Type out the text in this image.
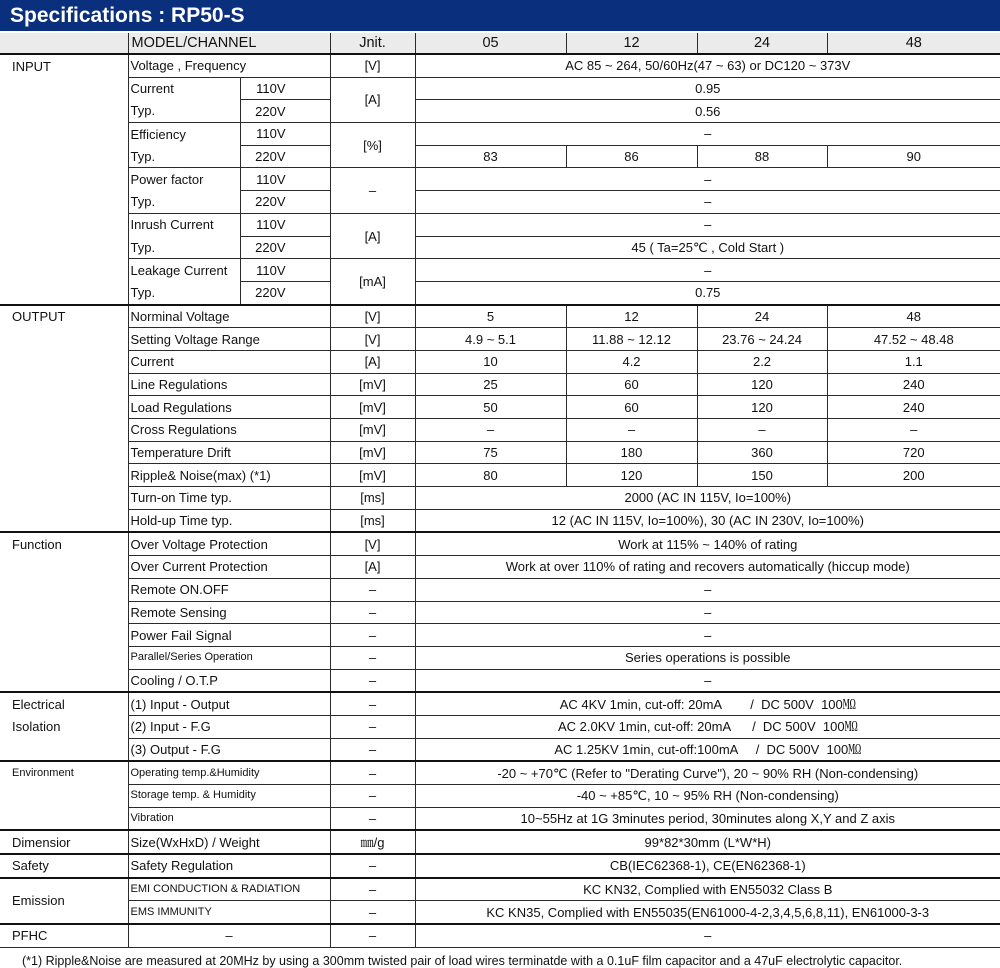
Specifications : RP50-S
	MODEL/CHANNEL		Jnit.	05	12	24	48
INPUT	Voltage , Frequency		[V]	AC 85 ~ 264, 50/60Hz(47 ~ 63) or DC120 ~ 373V			
	Current	110V	[A]	0.95			
	Typ.	220V		0.56			
	Efficiency	110V	[%]	–			
	Typ.	220V		83	86	88	90
	Power factor	110V	–	–			
	Typ.	220V		–			
	Inrush Current	110V	[A]	–			
	Typ.	220V		45 ( Ta=25℃ , Cold Start )			
	Leakage Current	110V	[mA]	–			
	Typ.	220V		0.75			
OUTPUT	Norminal Voltage		[V]	5	12	24	48
	Setting Voltage Range		[V]	4.9 ~ 5.1	11.88 ~ 12.12	23.76 ~ 24.24	47.52 ~ 48.48
	Current		[A]	10	4.2	2.2	1.1
	Line Regulations		[mV]	25	60	120	240
	Load Regulations		[mV]	50	60	120	240
	Cross Regulations		[mV]	–	–	–	–
	Temperature Drift		[mV]	75	180	360	720
	Ripple& Noise(max) (*1)		[mV]	80	120	150	200
	Turn-on Time typ.		[ms]	2000 (AC IN 115V, Io=100%)			
	Hold-up Time typ.		[ms]	12 (AC IN 115V, Io=100%), 30 (AC IN 230V, Io=100%)			
Function	Over Voltage Protection		[V]	Work at 115% ~ 140% of rating			
	Over Current Protection		[A]	Work at over 110% of rating and recovers automatically (hiccup mode)			
	Remote ON.OFF		–	–			
	Remote Sensing		–	–			
	Power Fail Signal		–	–			
	Parallel/Series Operation		–	Series operations is possible			
	Cooling / O.T.P		–	–			
Electrical	(1) Input - Output		–	AC 4KV 1min, cut-off: 20mA        /  DC 500V  100㏁			
Isolation	(2) Input - F.G		–	AC 2.0KV 1min, cut-off: 20mA      /  DC 500V  100㏁			
	(3) Output - F.G		–	AC 1.25KV 1min, cut-off:100mA     /  DC 500V  100㏁			
Environment	Operating temp.&Humidity		–	-20 ~ +70℃ (Refer to "Derating Curve"), 20 ~ 90% RH (Non-condensing)			
	Storage temp. & Humidity		–	-40 ~ +85℃, 10 ~ 95% RH (Non-condensing)			
	Vibration		–	10~55Hz at 1G 3minutes period, 30minutes along X,Y and Z axis			
Dimensior	Size(WxHxD) / Weight		㎜/g	99*82*30mm (L*W*H)			
Safety	Safety Regulation		–	CB(IEC62368-1), CE(EN62368-1)			
Emission	EMI CONDUCTION & RADIATION		–	KC KN32, Complied with EN55032 Class B			
	EMS IMMUNITY		–	KC KN35, Complied with EN55035(EN61000-4-2,3,4,5,6,8,11), EN61000-3-3			
PFHC	–		–	–			
(*1) Ripple&Noise are measured at 20MHz by using a 300mm twisted pair of load wires terminatde with a 0.1uF film capacitor and a 47uF electrolytic capacitor.
